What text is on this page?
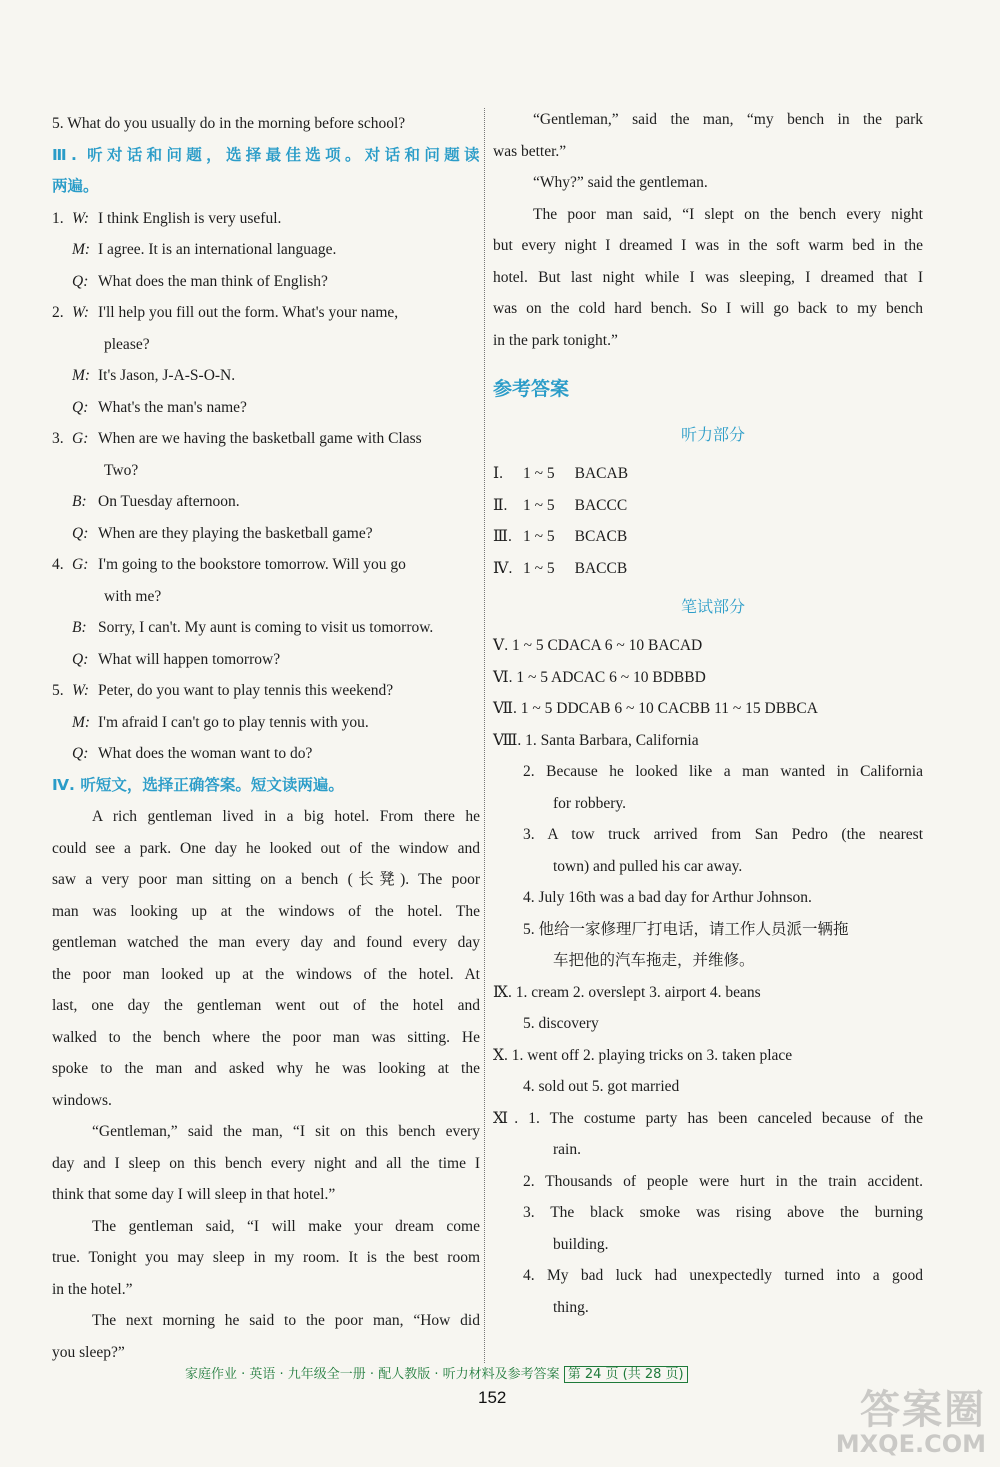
5. What do you usually do in the morning before school?
Ⅲ. 听对话和问题，选择最佳选项。对话和问题读
两遍。
1. W: I think English is very useful.
M: I agree. It is an international language.
Q: What does the man think of English?
2. W: I'll help you fill out the form. What's your name,
please?
M: It's Jason, J-A-S-O-N.
Q: What's the man's name?
3. G: When are we having the basketball game with Class
Two?
B: On Tuesday afternoon.
Q: When are they playing the basketball game?
4. G: I'm going to the bookstore tomorrow. Will you go
with me?
B: Sorry, I can't. My aunt is coming to visit us tomorrow.
Q: What will happen tomorrow?
5. W: Peter, do you want to play tennis this weekend?
M: I'm afraid I can't go to play tennis with you.
Q: What does the woman want to do?
Ⅳ. 听短文，选择正确答案。短文读两遍。
A rich gentleman lived in a big hotel. From there he
could see a park. One day he looked out of the window and
saw a very poor man sitting on a bench (长凳). The poor
man was looking up at the windows of the hotel. The
gentleman watched the man every day and found every day
the poor man looked up at the windows of the hotel. At
last, one day the gentleman went out of the hotel and
walked to the bench where the poor man was sitting. He
spoke to the man and asked why he was looking at the
windows.
“Gentleman,” said the man, “I sit on this bench every
day and I sleep on this bench every night and all the time I
think that some day I will sleep in that hotel.”
The gentleman said, “I will make your dream come
true. Tonight you may sleep in my room. It is the best room
in the hotel.”
The next morning he said to the poor man, “How did
you sleep?”
“Gentleman,” said the man, “my bench in the park
was better.”
“Why?” said the gentleman.
The poor man said, “I slept on the bench every night
but every night I dreamed I was in the soft warm bed in the
hotel. But last night while I was sleeping, I dreamed that I
was on the cold hard bench. So I will go back to my bench
in the park tonight.”
参考答案
听力部分
Ⅰ. 1 ~ 5 BACAB
Ⅱ. 1 ~ 5 BACCC
Ⅲ. 1 ~ 5 BCACB
Ⅳ. 1 ~ 5 BACCB
笔试部分
Ⅴ. 1 ~ 5 CDACA 6 ~ 10 BACAD
Ⅵ. 1 ~ 5 ADCAC 6 ~ 10 BDBBD
Ⅶ. 1 ~ 5 DDCAB 6 ~ 10 CACBB 11 ~ 15 DBBCA
Ⅷ. 1. Santa Barbara, California
2. Because he looked like a man wanted in California
for robbery.
3. A tow truck arrived from San Pedro (the nearest
town) and pulled his car away.
4. July 16th was a bad day for Arthur Johnson.
5. 他给一家修理厂打电话，请工作人员派一辆拖
车把他的汽车拖走，并维修。
Ⅸ. 1. cream 2. overslept 3. airport 4. beans
5. discovery
Ⅹ. 1. went off 2. playing tricks on 3. taken place
4. sold out 5. got married
Ⅺ. 1. The costume party has been canceled because of the
rain.
2. Thousands of people were hurt in the train accident.
3. The black smoke was rising above the burning
building.
4. My bad luck had unexpectedly turned into a good
thing.
家庭作业 · 英语 · 九年级全一册 · 配人教版 · 听力材料及参考答案 第 24 页 (共 28 页)
152	答案圈
MXQE.COM
